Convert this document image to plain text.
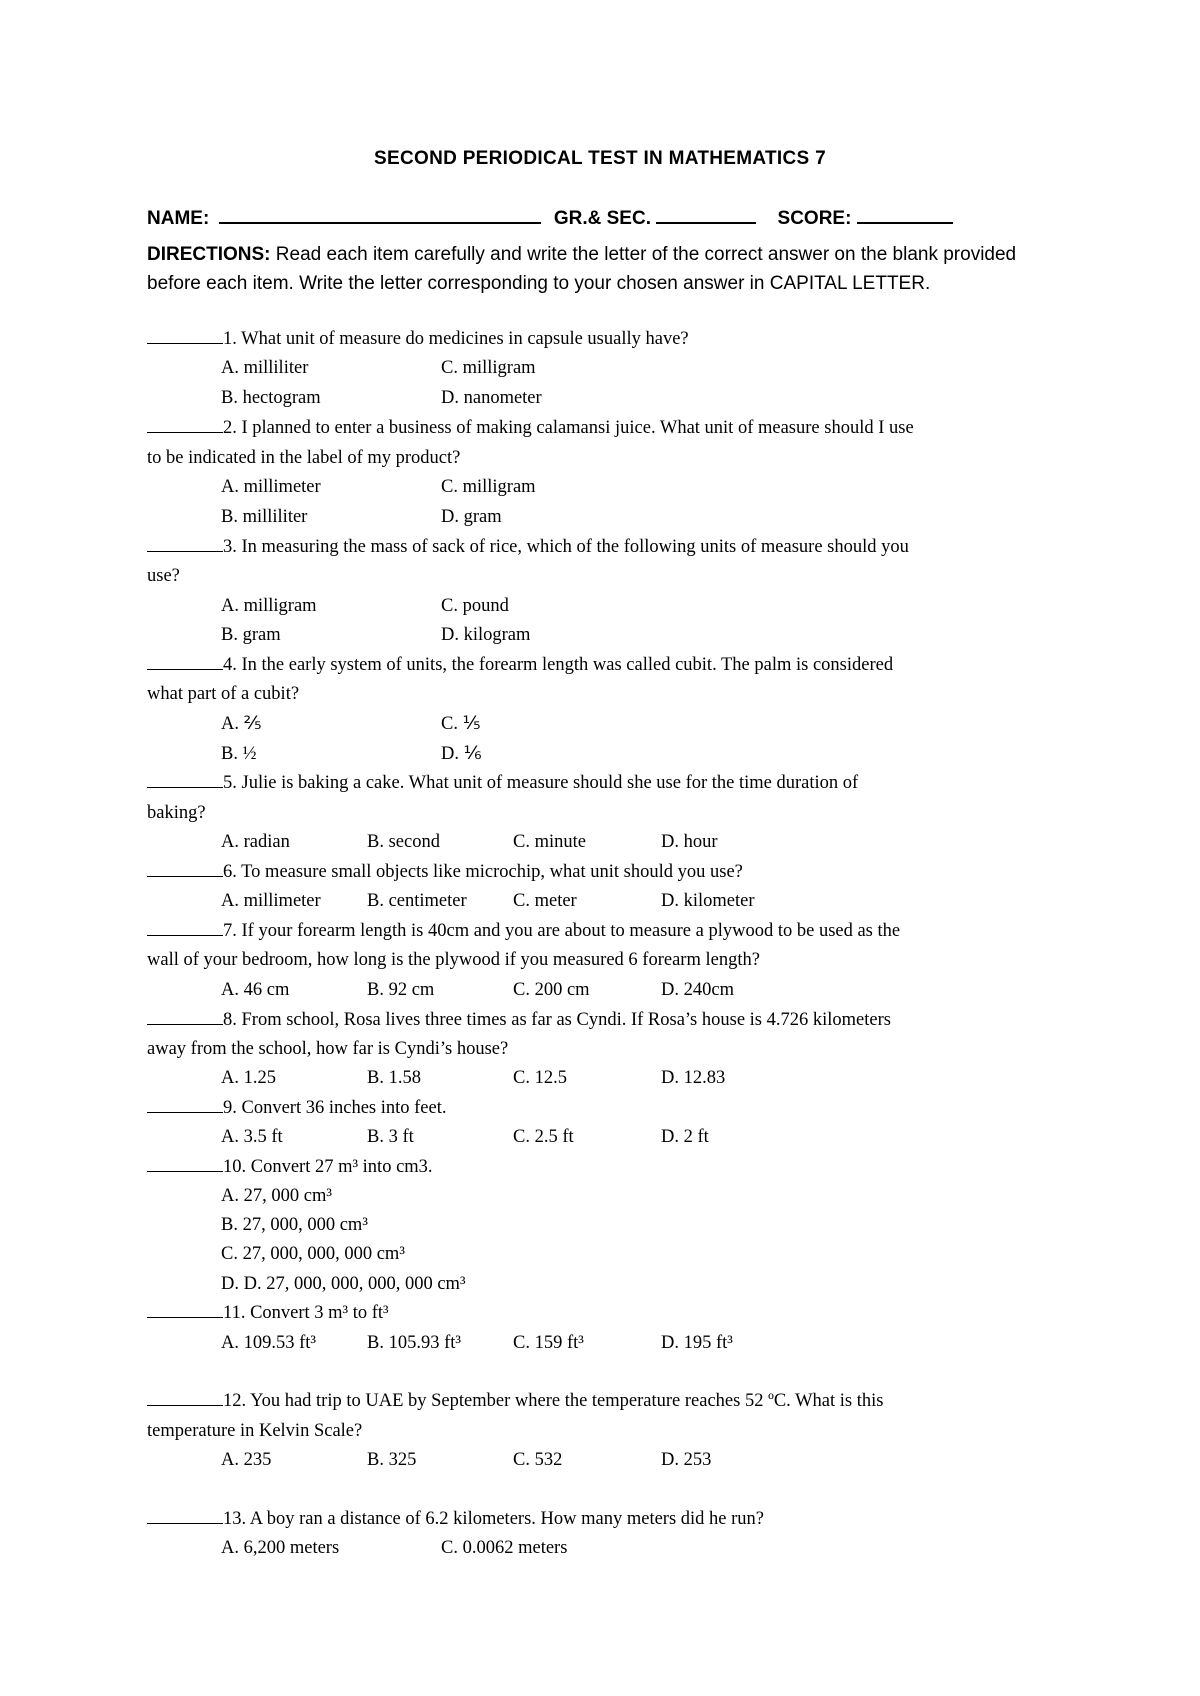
SECOND PERIODICAL TEST IN MATHEMATICS 7
NAME:	GR.& SEC.	SCORE:
DIRECTIONS: Read each item carefully and write the letter of the correct answer on the blank provided before each item. Write the letter corresponding to your chosen answer in CAPITAL LETTER.
1. What unit of measure do medicines in capsule usually have?
A. milliliter	C. milligram
B. hectogram	D. nanometer
2. I planned to enter a business of making calamansi juice. What unit of measure should I use
to be indicated in the label of my product?
A. millimeter	C. milligram
B. milliliter	D. gram
3. In measuring the mass of sack of rice, which of the following units of measure should you
use?
A. milligram	C. pound
B. gram	D. kilogram
4. In the early system of units, the forearm length was called cubit. The palm is considered
what part of a cubit?
A. ⅖	C. ⅕
B. ½	D. ⅙
5. Julie is baking a cake. What unit of measure should she use for the time duration of
baking?
A. radian	B. second	C. minute	D. hour
6. To measure small objects like microchip, what unit should you use?
A. millimeter	B. centimeter	C. meter	D. kilometer
7. If your forearm length is 40cm and you are about to measure a plywood to be used as the
wall of your bedroom, how long is the plywood if you measured 6 forearm length?
A. 46 cm	B. 92 cm	C. 200 cm	D. 240cm
8. From school, Rosa lives three times as far as Cyndi. If Rosa’s house is 4.726 kilometers
away from the school, how far is Cyndi’s house?
A. 1.25	B. 1.58	C. 12.5	D. 12.83
9. Convert 36 inches into feet.
A. 3.5 ft	B. 3 ft	C. 2.5 ft	D. 2 ft
10. Convert 27 m³ into cm3.
A. 27, 000 cm³
B. 27, 000, 000 cm³
C. 27, 000, 000, 000 cm³
D. D. 27, 000, 000, 000, 000 cm³
11. Convert 3 m³ to ft³
A. 109.53 ft³	B. 105.93 ft³	C. 159 ft³	D. 195 ft³
12. You had trip to UAE by September where the temperature reaches 52 ºC. What is this
temperature in Kelvin Scale?
A. 235	B. 325	C. 532	D. 253
13. A boy ran a distance of 6.2 kilometers. How many meters did he run?
A. 6,200 meters	C. 0.0062 meters
